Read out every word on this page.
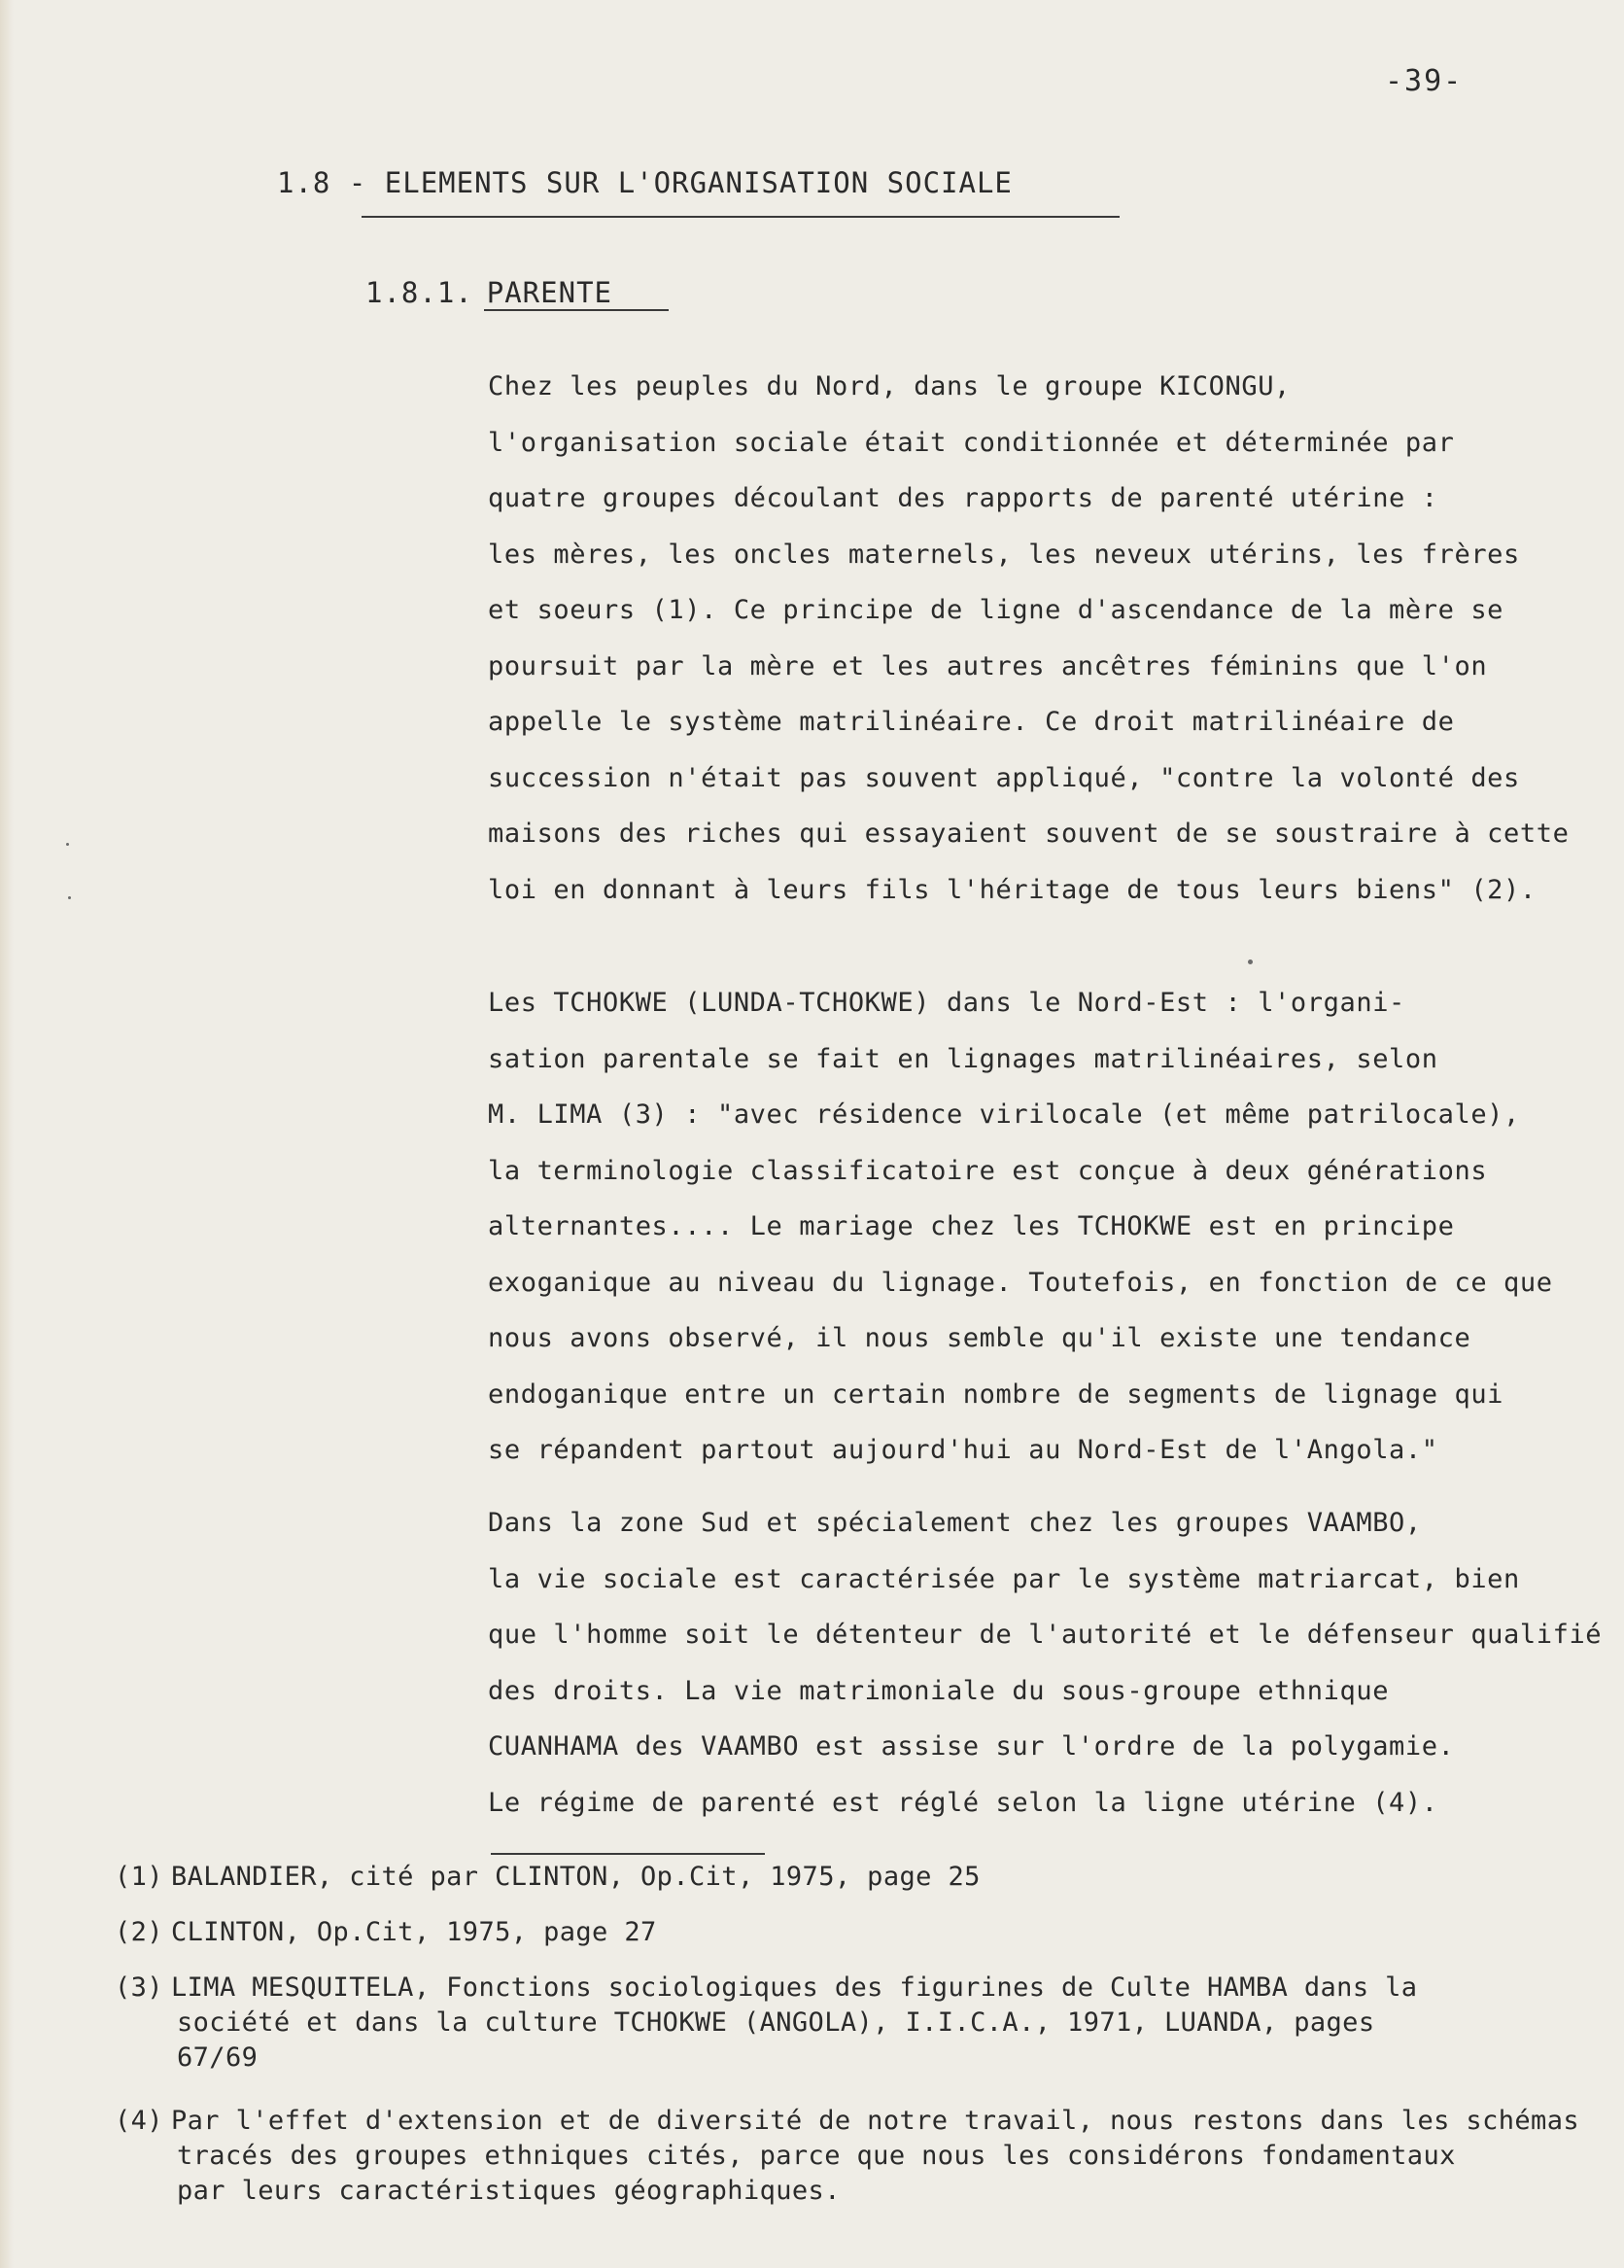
-39-
1.8 - ELEMENTS SUR L'ORGANISATION SOCIALE
1.8.1. PARENTE
Chez les peuples du Nord, dans le groupe KICONGU,
l'organisation sociale était conditionnée et déterminée par
quatre groupes découlant des rapports de parenté utérine :
les mères, les oncles maternels, les neveux utérins, les frères
et soeurs (1). Ce principe de ligne d'ascendance de la mère se
poursuit par la mère et les autres ancêtres féminins que l'on
appelle le système matrilinéaire. Ce droit matrilinéaire de
succession n'était pas souvent appliqué, "contre la volonté des
maisons des riches qui essayaient souvent de se soustraire à cette
loi en donnant à leurs fils l'héritage de tous leurs biens" (2).
Les TCHOKWE (LUNDA-TCHOKWE) dans le Nord-Est : l'organi-
sation parentale se fait en lignages matrilinéaires, selon
M. LIMA (3) : "avec résidence virilocale (et même patrilocale),
la terminologie classificatoire est conçue à deux générations
alternantes.... Le mariage chez les TCHOKWE est en principe
exoganique au niveau du lignage. Toutefois, en fonction de ce que
nous avons observé, il nous semble qu'il existe une tendance
endoganique entre un certain nombre de segments de lignage qui
se répandent partout aujourd'hui au Nord-Est de l'Angola."
Dans la zone Sud et spécialement chez les groupes VAAMBO,
la vie sociale est caractérisée par le système matriarcat, bien
que l'homme soit le détenteur de l'autorité et le défenseur qualifié
des droits. La vie matrimoniale du sous-groupe ethnique
CUANHAMA des VAAMBO est assise sur l'ordre de la polygamie.
Le régime de parenté est réglé selon la ligne utérine (4).
(1) BALANDIER, cité par CLINTON, Op.Cit, 1975, page 25
(2) CLINTON, Op.Cit, 1975, page 27
(3) LIMA MESQUITELA, Fonctions sociologiques des figurines de Culte HAMBA dans la
société et dans la culture TCHOKWE (ANGOLA), I.I.C.A., 1971, LUANDA, pages
67/69
(4) Par l'effet d'extension et de diversité de notre travail, nous restons dans les schémas
tracés des groupes ethniques cités, parce que nous les considérons fondamentaux
par leurs caractéristiques géographiques.
